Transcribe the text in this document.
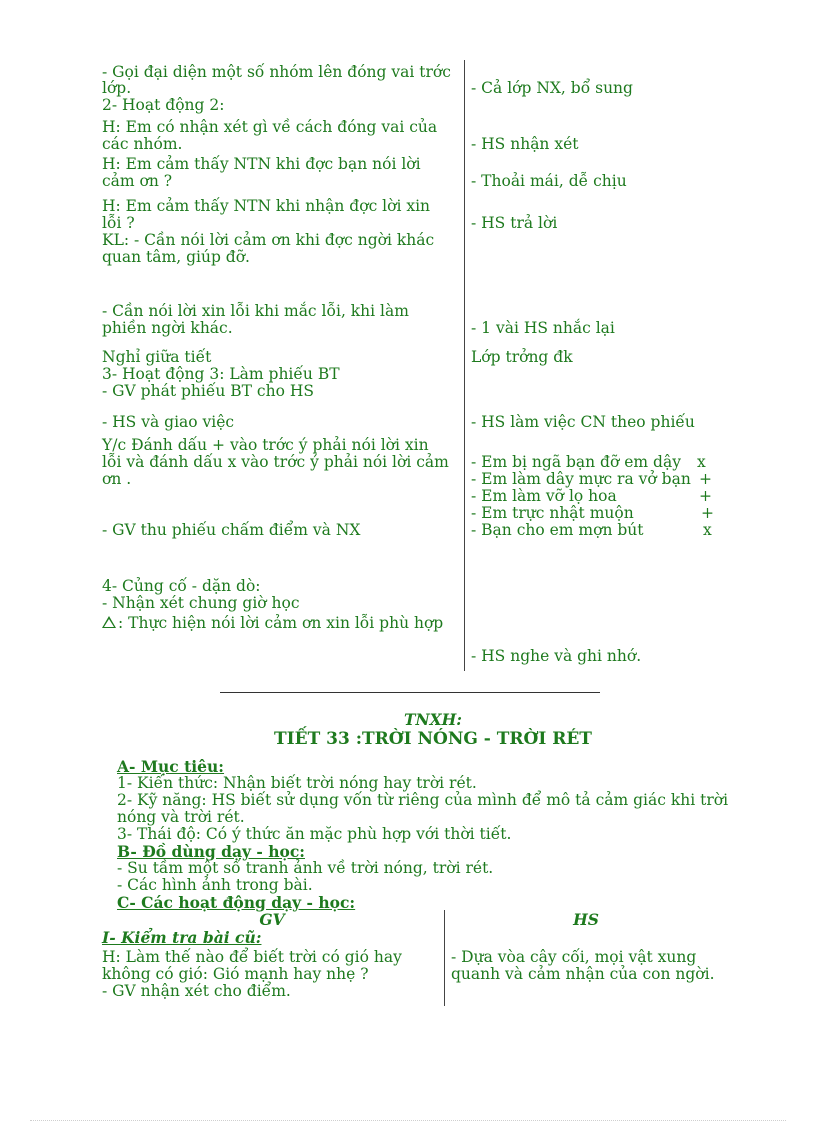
- Gọi đại diện một số nhóm lên đóng vai trớc
lớp.
2- Hoạt động 2:
H: Em có nhận xét gì về cách đóng vai của
các nhóm.
H: Em cảm thấy NTN khi đợc bạn nói lời
cảm ơn ?
H: Em cảm thấy NTN khi nhận đợc lời xin
lỗi ?
KL: - Cần nói lời cảm ơn khi đợc ngời khác
quan tâm, giúp đỡ.
- Cần nói lời xin lỗi khi mắc lỗi, khi làm
phiền ngời khác.
Nghỉ giữa tiết
3- Hoạt động 3: Làm phiếu BT
- GV phát phiếu BT cho HS
- HS và giao việc
Y/c Đánh dấu + vào trớc ý phải nói lời xin
lỗi và đánh dấu x vào trớc ý phải nói lời cảm
ơn .
- GV thu phiếu chấm điểm và NX
4- Củng cố - dặn dò:
- Nhận xét chung giờ học
: Thực hiện nói lời cảm ơn xin lỗi phù hợp
- Cả lớp NX, bổ sung
- HS nhận xét
- Thoải mái, dễ chịu
- HS trả lời
- 1 vài HS nhắc lại
Lớp trởng đk
- HS làm việc CN theo phiếu
- Em bị ngã bạn đỡ em dậy
- Em làm dây mực ra vở bạn
- Em làm vỡ lọ hoa
- Em trực nhật muộn
- Bạn cho em mợn bút
- HS nghe và ghi nhớ.
x
+
+
+
x
TNXH:
TIẾT 33 :TRỜI NÓNG - TRỜI RÉT
A- Mục tiêu:
1- Kiến thức: Nhận biết trời nóng hay trời rét.
2- Kỹ năng: HS biết sử dụng vốn từ riêng của mình để mô tả cảm giác khi trời
nóng và trời rét.
3- Thái độ: Có ý thức ăn mặc phù hợp với thời tiết.
B- Đồ dùng dạy - học:
- Su tầm một số tranh ảnh về trời nóng, trời rét.
- Các hình ảnh trong bài.
C- Các hoạt động dạy - học:
GV	HS
I- Kiểm tra bài cũ:
H: Làm thế nào để biết trời có gió hay
không có gió: Gió mạnh hay nhẹ ?
- GV nhận xét cho điểm.
- Dựa vòa cây cối, mọi vật xung
quanh và cảm nhận của con ngời.
